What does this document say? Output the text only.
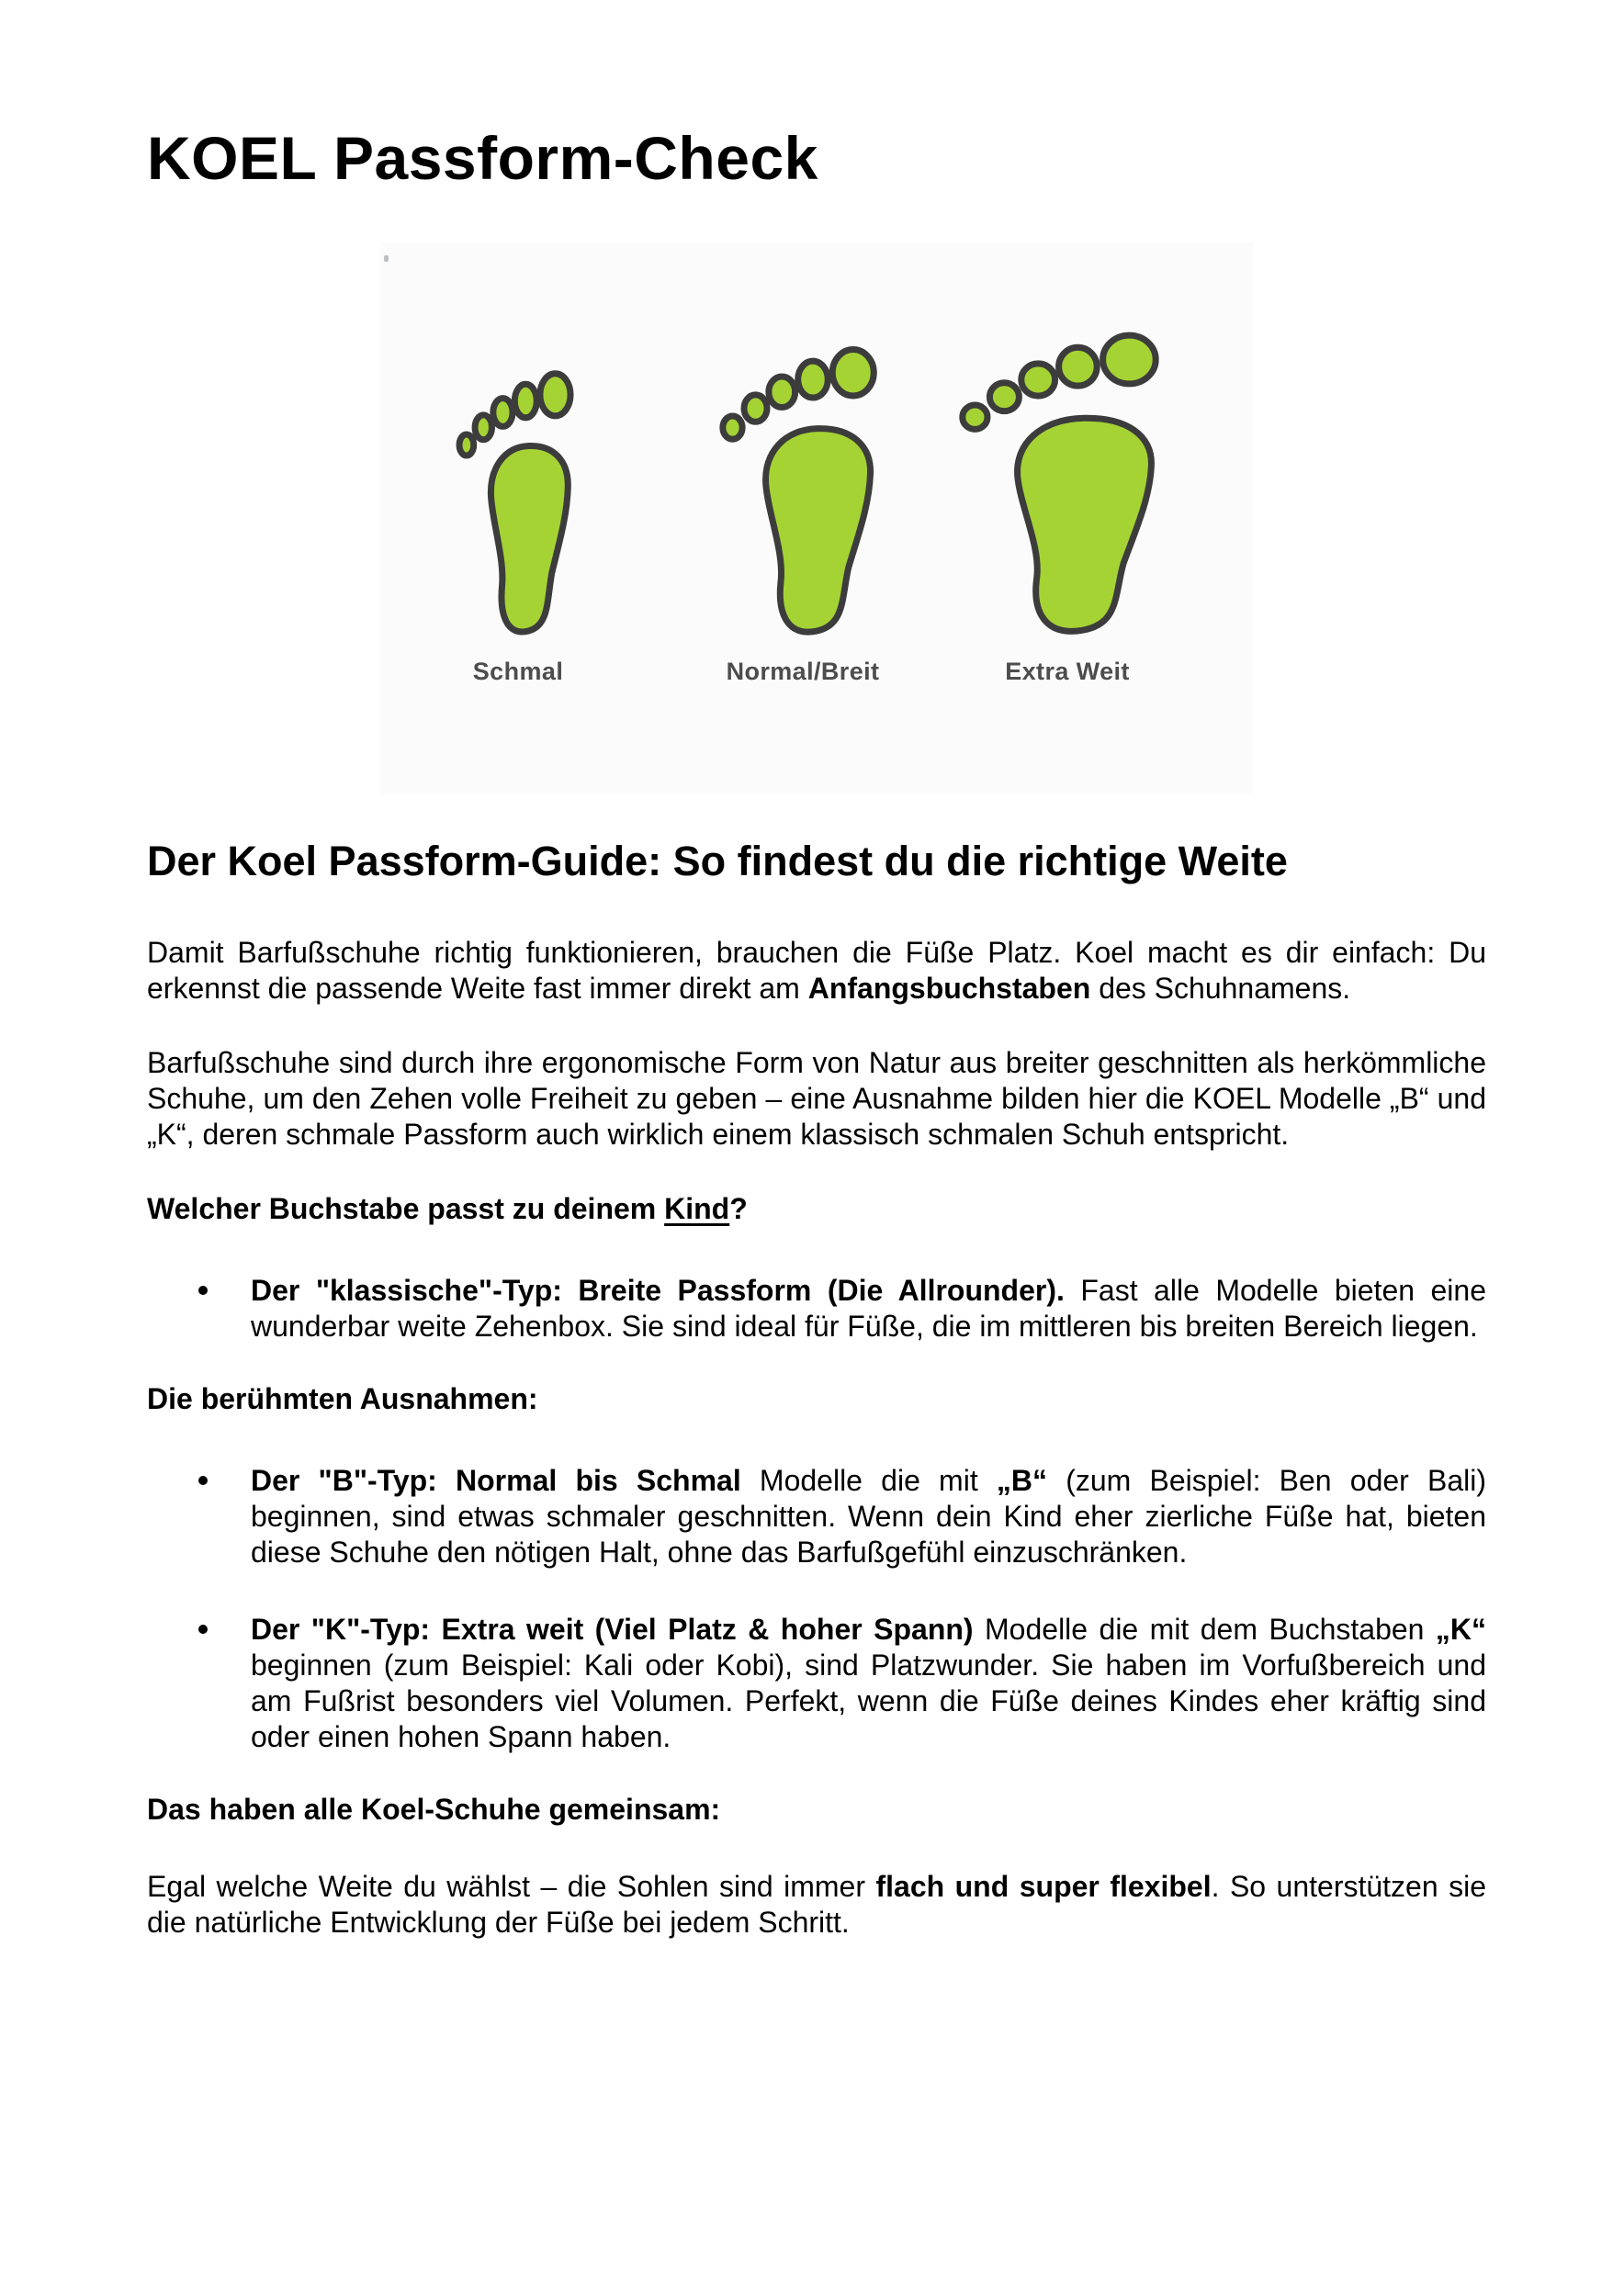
KOEL Passform-Check
Schmal	Normal/Breit	Extra Weit
Der Koel Passform-Guide: So findest du die richtige Weite

Damit Barfußschuhe richtig funktionieren, brauchen die Füße Platz. Koel macht es dir einfach: Du erkennst die passende Weite fast immer direkt am Anfangsbuchstaben des Schuhnamens.

Barfußschuhe sind durch ihre ergonomische Form von Natur aus breiter geschnitten als herkömmliche Schuhe, um den Zehen volle Freiheit zu geben – eine Ausnahme bilden hier die KOEL Modelle „B“ und „K“, deren schmale Passform auch wirklich einem klassisch schmalen Schuh entspricht.

Welcher Buchstabe passt zu deinem Kind?
Der "klassische"-Typ: Breite Passform (Die Allrounder). Fast alle Modelle bieten eine wunderbar weite Zehenbox. Sie sind ideal für Füße, die im mittleren bis breiten Bereich liegen.
Die berühmten Ausnahmen:
Der "B"-Typ: Normal bis Schmal Modelle die mit „B“ (zum Beispiel: Ben oder Bali) beginnen, sind etwas schmaler geschnitten. Wenn dein Kind eher zierliche Füße hat, bieten diese Schuhe den nötigen Halt, ohne das Barfußgefühl einzuschränken.
Der "K"-Typ: Extra weit (Viel Platz & hoher Spann) Modelle die mit dem Buchstaben „K“ beginnen (zum Beispiel: Kali oder Kobi), sind Platzwunder. Sie haben im Vorfußbereich und am Fußrist besonders viel Volumen. Perfekt, wenn die Füße deines Kindes eher kräftig sind oder einen hohen Spann haben.
Das haben alle Koel-Schuhe gemeinsam:

Egal welche Weite du wählst – die Sohlen sind immer flach und super flexibel. So unterstützen sie die natürliche Entwicklung der Füße bei jedem Schritt.
